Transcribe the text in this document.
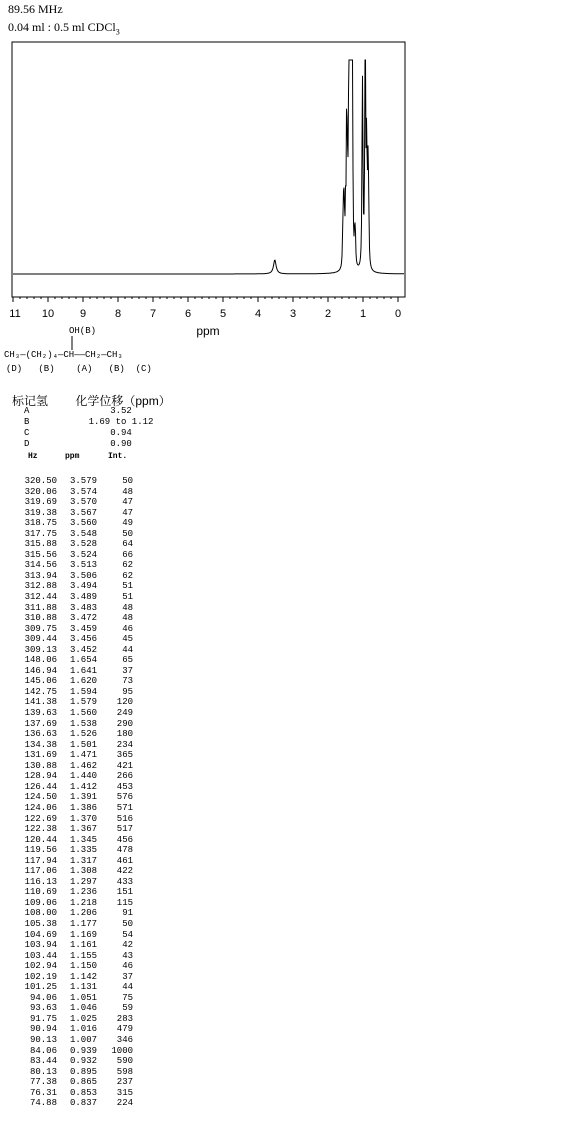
89.56 MHz
0.04 ml : 0.5 ml CDCl$_3$
11 10 9	8	7	6	5	4	3	2	1	0
ppm
OH(B)
CH₃—(CH₂)₄—CH——CH₂—CH₃
(D)   (B)    (A)   (B)  (C)
标记氢 化学位移（ppm）
A	3.52
B	1.69 to 1.12
C	0.94
D	0.90
Hz	ppm	Int.
320.50 3.579	50
320.06 3.574	48
319.69 3.570	47
319.38 3.567	47
318.75 3.560	49
317.75 3.548	50
315.88 3.528	64
315.56 3.524	66
314.56 3.513	62
313.94 3.506	62
312.88 3.494	51
312.44 3.489	51
311.88 3.483	48
310.88 3.472	48
309.75 3.459	46
309.44 3.456	45
309.13 3.452	44
148.06 1.654	65
146.94 1.641	37
145.06 1.620	73
142.75 1.594	95
141.38 1.579 120
139.63 1.560 249
137.69 1.538 290
136.63 1.526 180
134.38 1.501 234
131.69 1.471 365
130.88 1.462 421
128.94 1.440 266
126.44 1.412 453
124.50 1.391 576
124.06 1.386 571
122.69 1.370 516
122.38 1.367 517
120.44 1.345 456
119.56 1.335 478
117.94 1.317 461
117.06 1.308 422
116.13 1.297 433
110.69 1.236 151
109.06 1.218 115
108.00 1.206	91
105.38 1.177	50
104.69 1.169	54
103.94 1.161	42
103.44 1.155	43
102.94 1.150	46
102.19 1.142	37
101.25 1.131	44
94.06 1.051	75
93.63 1.046	59
91.75 1.025 283
90.94 1.016 479
90.13 1.007 346
84.06 0.939 1000
83.44 0.932 590
80.13 0.895 598
77.38 0.865 237
76.31 0.853 315
74.88 0.837 224
